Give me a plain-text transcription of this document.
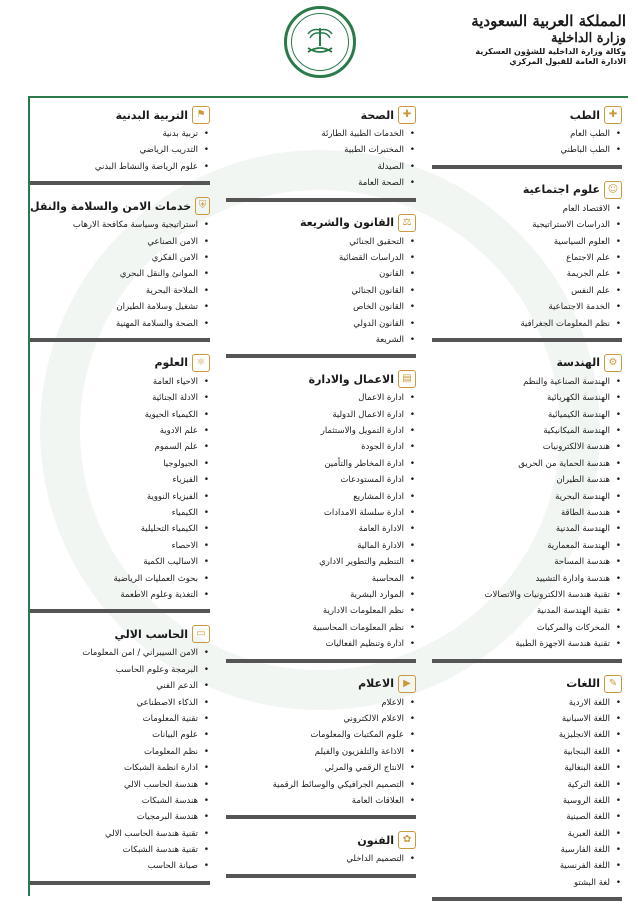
المملكة العربية السعودية
وزارة الداخلية
وكالة وزارة الداخلية للشؤون العسكرية
الادارة العامة للقبول المركزي
✚
الطب
• الطب العام
• الطب الباطني
☺
علوم اجتماعية
• الاقتصاد العام
• الدراسات الاستراتيجية
• العلوم السياسية
• علم الاجتماع
• علم الجريمة
• علم النفس
• الخدمة الاجتماعية
• نظم المعلومات الجغرافية
⚙
الهندسة
• الهندسة الصناعية والنظم
• الهندسة الكهربائية
• الهندسة الكيميائية
• الهندسة الميكانيكية
• هندسة الالكترونيات
• هندسة الحماية من الحريق
• هندسة الطيران
• الهندسة البحرية
• هندسة الطاقة
• الهندسة المدنية
• الهندسة المعمارية
• هندسة المساحة
• هندسة وادارة التشييد
• تقنية هندسة الالكترونيات والاتصالات
• تقنية الهندسة المدنية
• المحركات والمركبات
• تقنية هندسة الاجهزة الطبية
✎
اللغات
• اللغة الاردية
• اللغة الاسبانية
• اللغة الانجليزية
• اللغة البنجابية
• اللغة البنغالية
• اللغة التركية
• اللغة الروسية
• اللغة الصينية
• اللغة العبرية
• اللغة الفارسية
• اللغة الفرنسية
• لغة البشتو
✚
الصحة
• الخدمات الطبية الطارئة
• المختبرات الطبية
• الصيدلة
• الصحة العامة
⚖
القانون والشريعة
• التحقيق الجنائي
• الدراسات القضائية
• القانون
• القانون الجنائي
• القانون الخاص
• القانون الدولي
• الشريعة
▤
الاعمال والادارة
• ادارة الاعمال
• ادارة الاعمال الدولية
• ادارة التمويل والاستثمار
• ادارة الجودة
• ادارة المخاطر والتأمين
• ادارة المستودعات
• ادارة المشاريع
• ادارة سلسلة الامدادات
• الادارة العامة
• الادارة المالية
• التنظيم والتطوير الاداري
• المحاسبة
• الموارد البشرية
• نظم المعلومات الادارية
• نظم المعلومات المحاسبية
• ادارة وتنظيم الفعاليات
▶
الاعلام
• الاعلام
• الاعلام الالكتروني
• علوم المكتبات والمعلومات
• الاذاعة والتلفزيون والفيلم
• الانتاج الرقمي والمرئي
• التصميم الجرافيكي والوسائط الرقمية
• العلاقات العامة
✿
الفنون
• التصميم الداخلي
⚑
التربية البدنية
• تربية بدنية
• التدريب الرياضي
• علوم الرياضة والنشاط البدني
⛨
خدمات الامن والسلامة والنقل
• استراتيجية وسياسة مكافحة الارهاب
• الامن الصناعي
• الامن الفكري
• الموانئ والنقل البحري
• الملاحة البحرية
• تشغيل وسلامة الطيران
• الصحة والسلامة المهنية
⚛
العلوم
• الاحياء العامة
• الادلة الجنائية
• الكيمياء الحيوية
• علم الادوية
• علم السموم
• الجيولوجيا
• الفيزياء
• الفيزياء النووية
• الكيمياء
• الكيمياء التحليلية
• الاحصاء
• الاساليب الكمية
• بحوث العمليات الرياضية
• التغذية وعلوم الاطعمة
▭
الحاسب الالي
• الامن السيبراني / امن المعلومات
• البرمجة وعلوم الحاسب
• الدعم الفني
• الذكاء الاصطناعي
• تقنية المعلومات
• علوم البيانات
• نظم المعلومات
• ادارة انظمة الشبكات
• هندسة الحاسب الالي
• هندسة الشبكات
• هندسة البرمجيات
• تقنية هندسة الحاسب الالي
• تقنية هندسة الشبكات
• صيانة الحاسب
